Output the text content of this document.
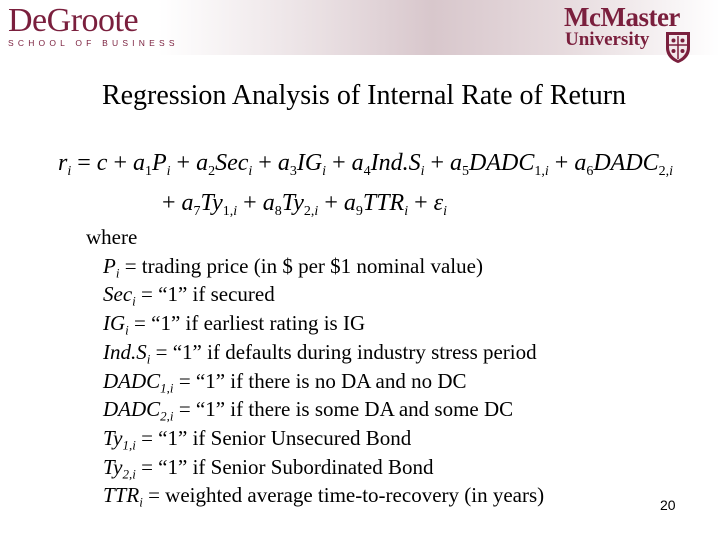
DeGroote
SCHOOL OF BUSINESS
McMaster
University
Regression Analysis of Internal Rate of Return
$r_i = c + a_1P_i + a_2Sec_i + a_3IG_i + a_4Ind.S_i$ + $a_5DADC_{1,}i$ + $a_6DADC_{2,}i$
+ $a_7Ty_{1,}i + a_8Ty_{2,}i + a_9TTR_i + \varepsilon_i$
where
$P_i$ = trading price (in $ per $1 nominal value)
Sec$_i$ = “1” if secured
$IG_i$ = “1” if earliest rating is IG
$Ind.S_i$ = “1” if defaults during industry stress period
$DADC_{1,i}$ = “1” if there is no DA and no DC
$DADC_{2,i}$ = “1” if there is some DA and some DC
$Ty_{1,i}$ = “1” if Senior Unsecured Bond
$Ty_{2,i}$ = “1” if Senior Subordinated Bond
$TTR_i$ = weighted average time-to-recovery (in years)	20
